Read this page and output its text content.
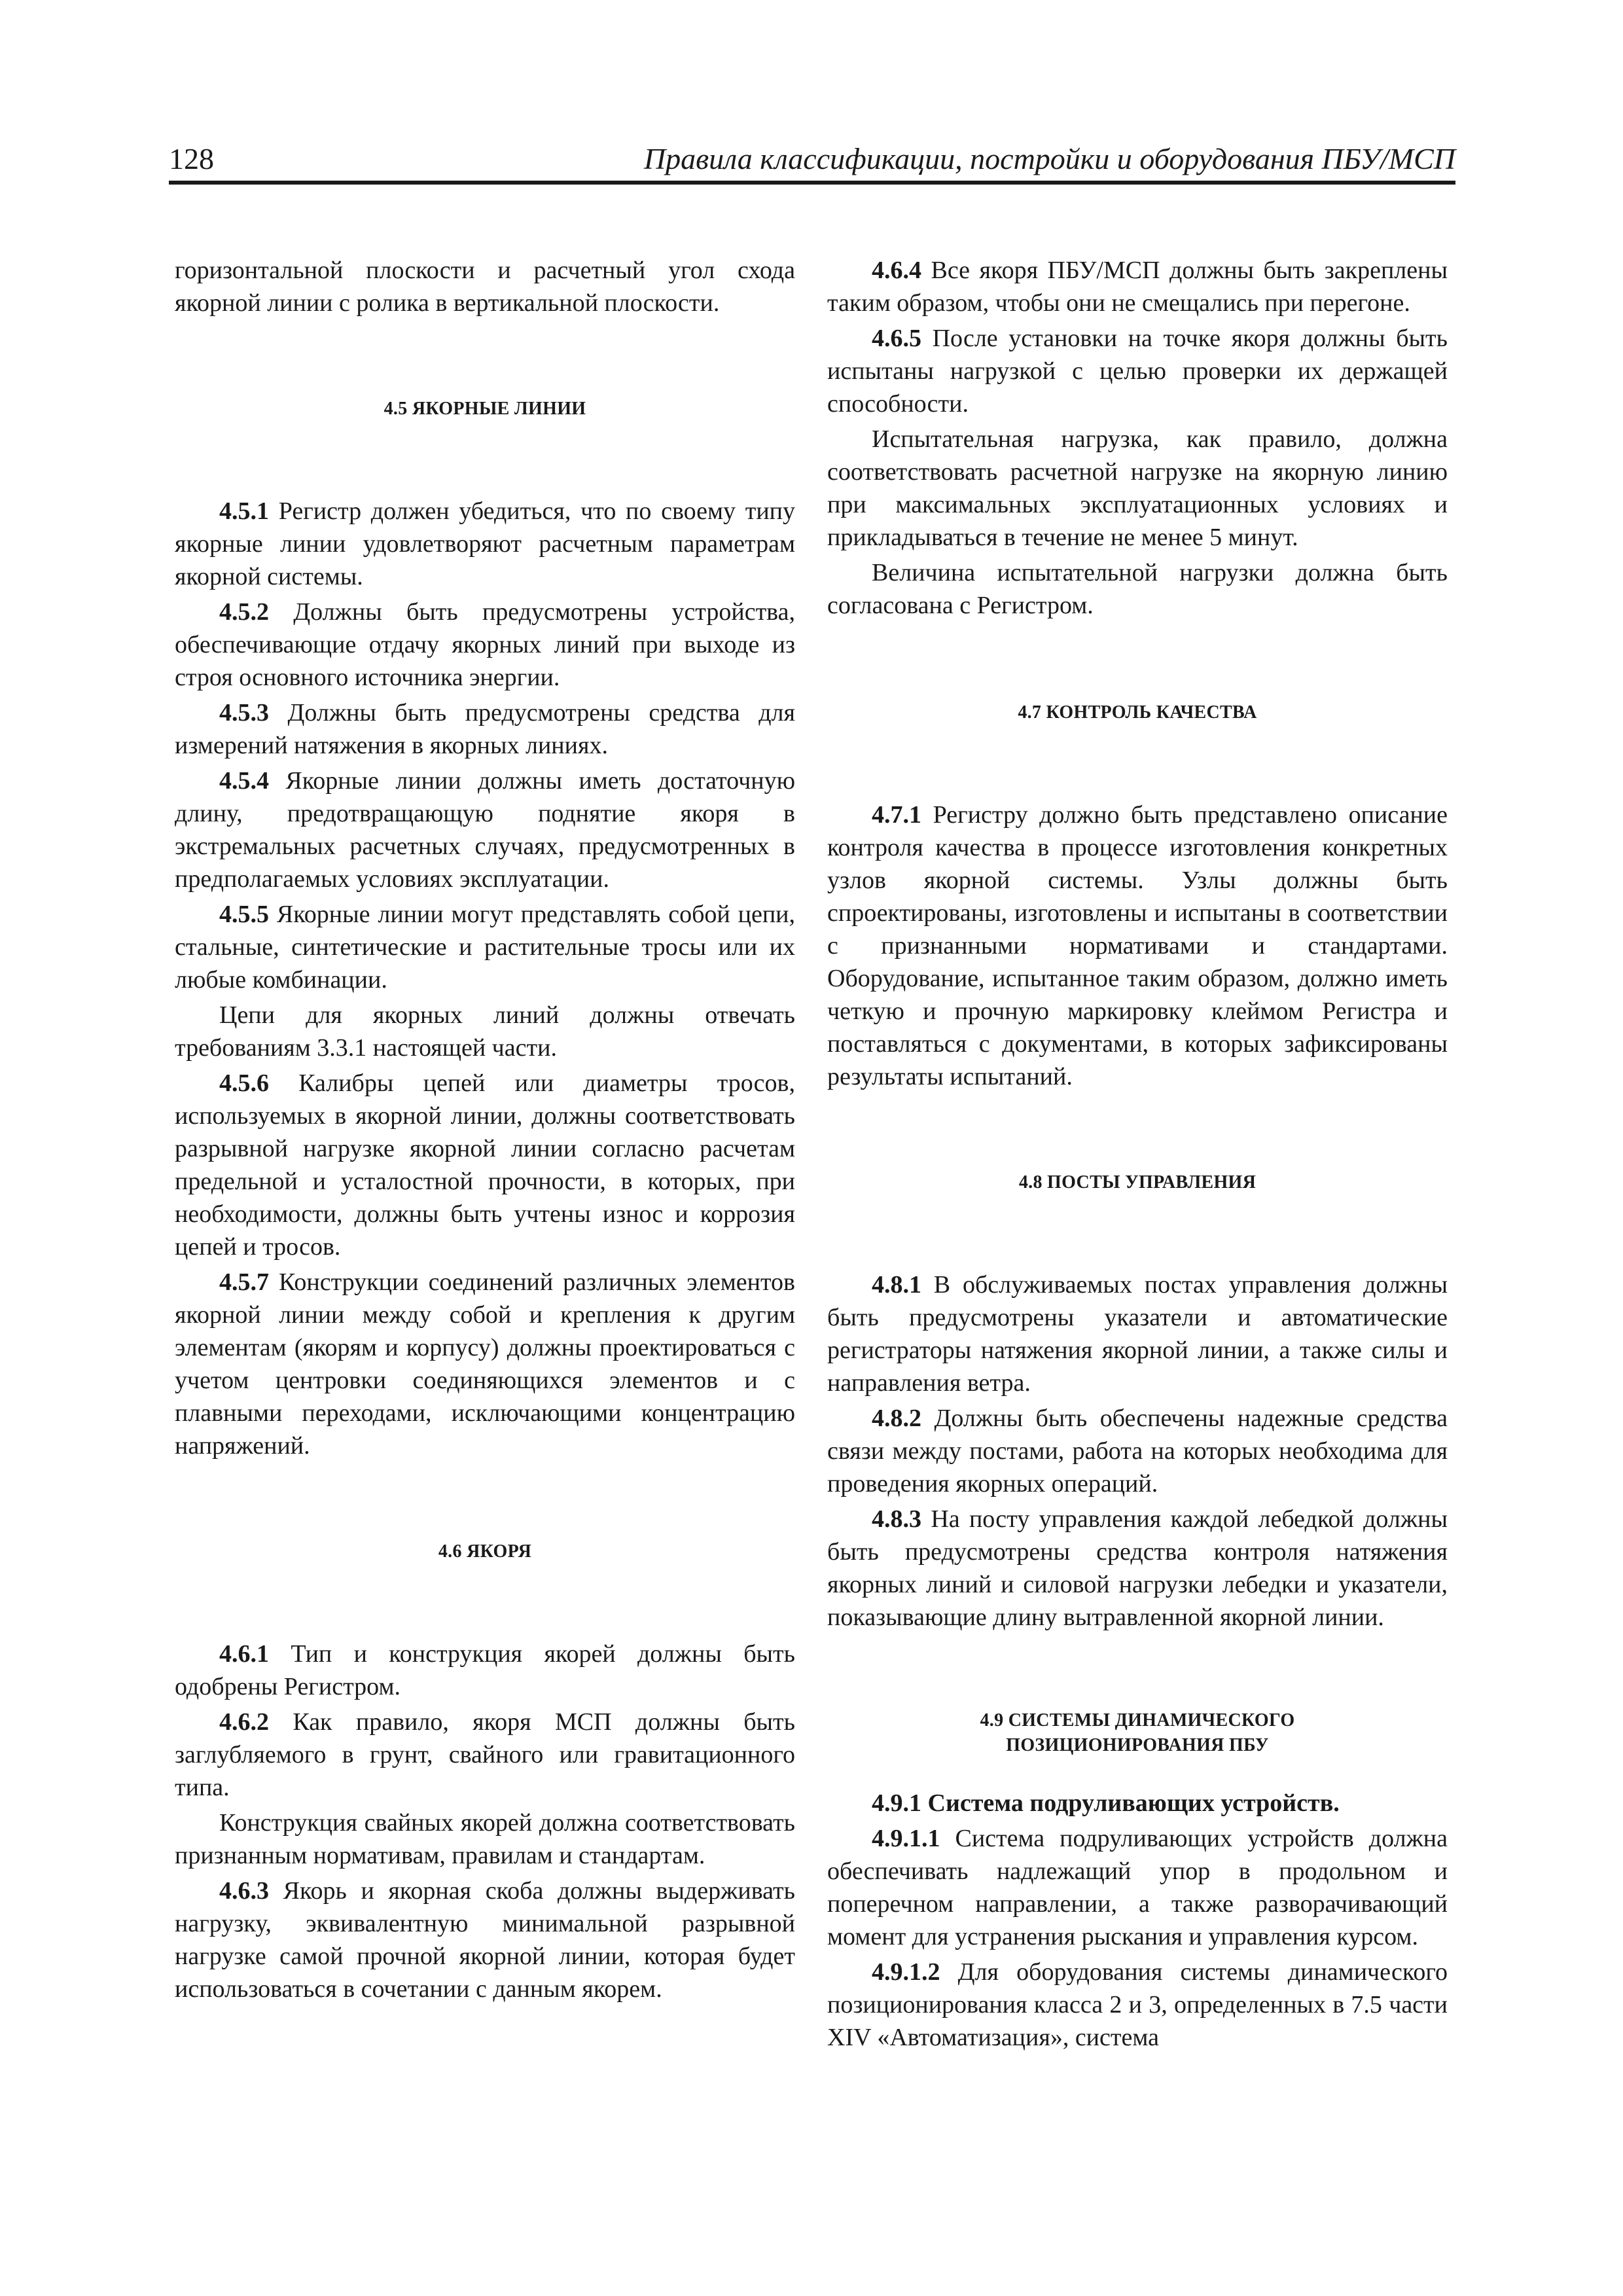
128	Правила классификации, постройки и оборудования ПБУ/МСП

горизонтальной плоскости и расчетный угол схода якорной линии с ролика в вертикальной плоскости.

4.5 ЯКОРНЫЕ ЛИНИИ

4.5.1 Регистр должен убедиться, что по своему типу якорные линии удовлетворяют расчетным параметрам якорной системы.

4.5.2 Должны быть предусмотрены устройства, обеспечивающие отдачу якорных линий при выходе из строя основного источника энергии.

4.5.3 Должны быть предусмотрены средства для измерений натяжения в якорных линиях.

4.5.4 Якорные линии должны иметь достаточную длину, предотвращающую поднятие якоря в экстремальных расчетных случаях, предусмотренных в предполагаемых условиях эксплуатации.

4.5.5 Якорные линии могут представлять собой цепи, стальные, синтетические и растительные тросы или их любые комбинации.

Цепи для якорных линий должны отвечать требованиям 3.3.1 настоящей части.

4.5.6 Калибры цепей или диаметры тросов, используемых в якорной линии, должны соответствовать разрывной нагрузке якорной линии согласно расчетам предельной и усталостной прочности, в которых, при необходимости, должны быть учтены износ и коррозия цепей и тросов.

4.5.7 Конструкции соединений различных элементов якорной линии между собой и крепления к другим элементам (якорям и корпусу) должны проектироваться с учетом центровки соединяющихся элементов и с плавными переходами, исключающими концентрацию напряжений.

4.6 ЯКОРЯ

4.6.1 Тип и конструкция якорей должны быть одобрены Регистром.

4.6.2 Как правило, якоря МСП должны быть заглубляемого в грунт, свайного или гравитационного типа.

Конструкция свайных якорей должна соответствовать признанным нормативам, правилам и стандартам.

4.6.3 Якорь и якорная скоба должны выдерживать нагрузку, эквивалентную минимальной разрывной нагрузке самой прочной якорной линии, которая будет использоваться в сочетании с данным якорем.

4.6.4 Все якоря ПБУ/МСП должны быть закреплены таким образом, чтобы они не смещались при перегоне.

4.6.5 После установки на точке якоря должны быть испытаны нагрузкой с целью проверки их держащей способности.

Испытательная нагрузка, как правило, должна соответствовать расчетной нагрузке на якорную линию при максимальных эксплуатационных условиях и прикладываться в течение не менее 5 минут.

Величина испытательной нагрузки должна быть согласована с Регистром.

4.7 КОНТРОЛЬ КАЧЕСТВА

4.7.1 Регистру должно быть представлено описание контроля качества в процессе изготовления конкретных узлов якорной системы. Узлы должны быть спроектированы, изготовлены и испытаны в соответствии с признанными нормативами и стандартами. Оборудование, испытанное таким образом, должно иметь четкую и прочную маркировку клеймом Регистра и поставляться с документами, в которых зафиксированы результаты испытаний.

4.8 ПОСТЫ УПРАВЛЕНИЯ

4.8.1 В обслуживаемых постах управления должны быть предусмотрены указатели и автоматические регистраторы натяжения якорной линии, а также силы и направления ветра.

4.8.2 Должны быть обеспечены надежные средства связи между постами, работа на которых необходима для проведения якорных операций.

4.8.3 На посту управления каждой лебедкой должны быть предусмотрены средства контроля натяжения якорных линий и силовой нагрузки лебедки и указатели, показывающие длину вытравленной якорной линии.

4.9 СИСТЕМЫ ДИНАМИЧЕСКОГО
ПОЗИЦИОНИРОВАНИЯ ПБУ

4.9.1 Система подруливающих устройств.

4.9.1.1 Система подруливающих устройств должна обеспечивать надлежащий упор в продольном и поперечном направлении, а также разворачивающий момент для устранения рыскания и управления курсом.

4.9.1.2 Для оборудования системы динамического позиционирования класса 2 и 3, определенных в 7.5 части XIV «Автоматизация», система
